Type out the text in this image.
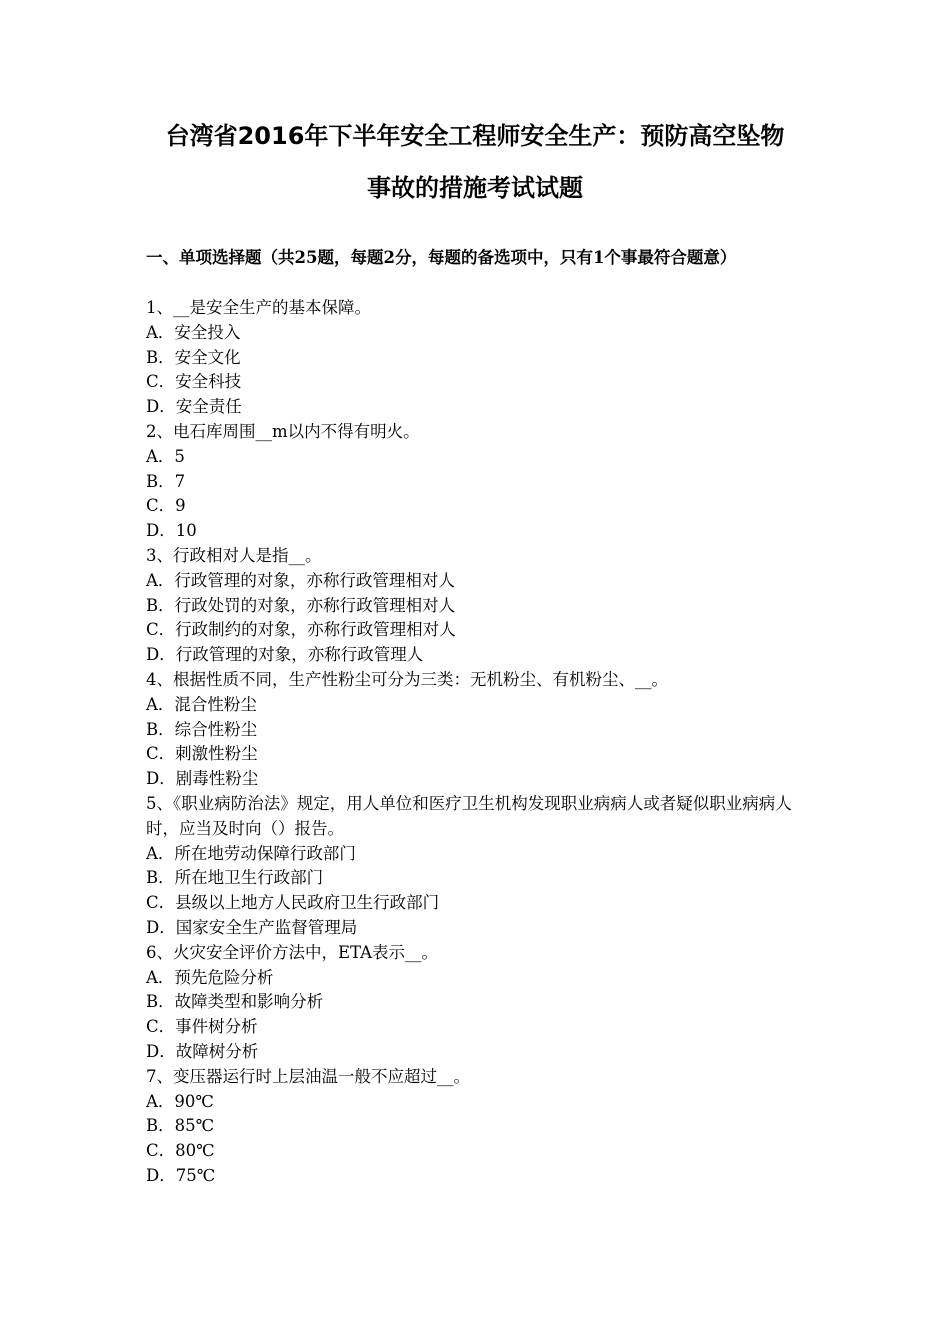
台湾省2016年下半年安全工程师安全生产：预防高空坠物
事故的措施考试试题
一、单项选择题（共25题，每题2分，每题的备选项中，只有1个事最符合题意）
1、__是安全生产的基本保障。
A．安全投入
B．安全文化
C．安全科技
D．安全责任
2、电石库周围__m以内不得有明火。
A．5
B．7
C．9
D．10
3、行政相对人是指__。
A．行政管理的对象，亦称行政管理相对人
B．行政处罚的对象，亦称行政管理相对人
C．行政制约的对象，亦称行政管理相对人
D．行政管理的对象，亦称行政管理人
4、根据性质不同，生产性粉尘可分为三类：无机粉尘、有机粉尘、__。
A．混合性粉尘
B．综合性粉尘
C．刺激性粉尘
D．剧毒性粉尘
5、《职业病防治法》规定，用人单位和医疗卫生机构发现职业病病人或者疑似职业病病人时，应当及时向（）报告。
A．所在地劳动保障行政部门
B．所在地卫生行政部门
C．县级以上地方人民政府卫生行政部门
D．国家安全生产监督管理局
6、火灾安全评价方法中，ETA表示__。
A．预先危险分析
B．故障类型和影响分析
C．事件树分析
D．故障树分析
7、变压器运行时上层油温一般不应超过__。
A．90℃
B．85℃
C．80℃
D．75℃
